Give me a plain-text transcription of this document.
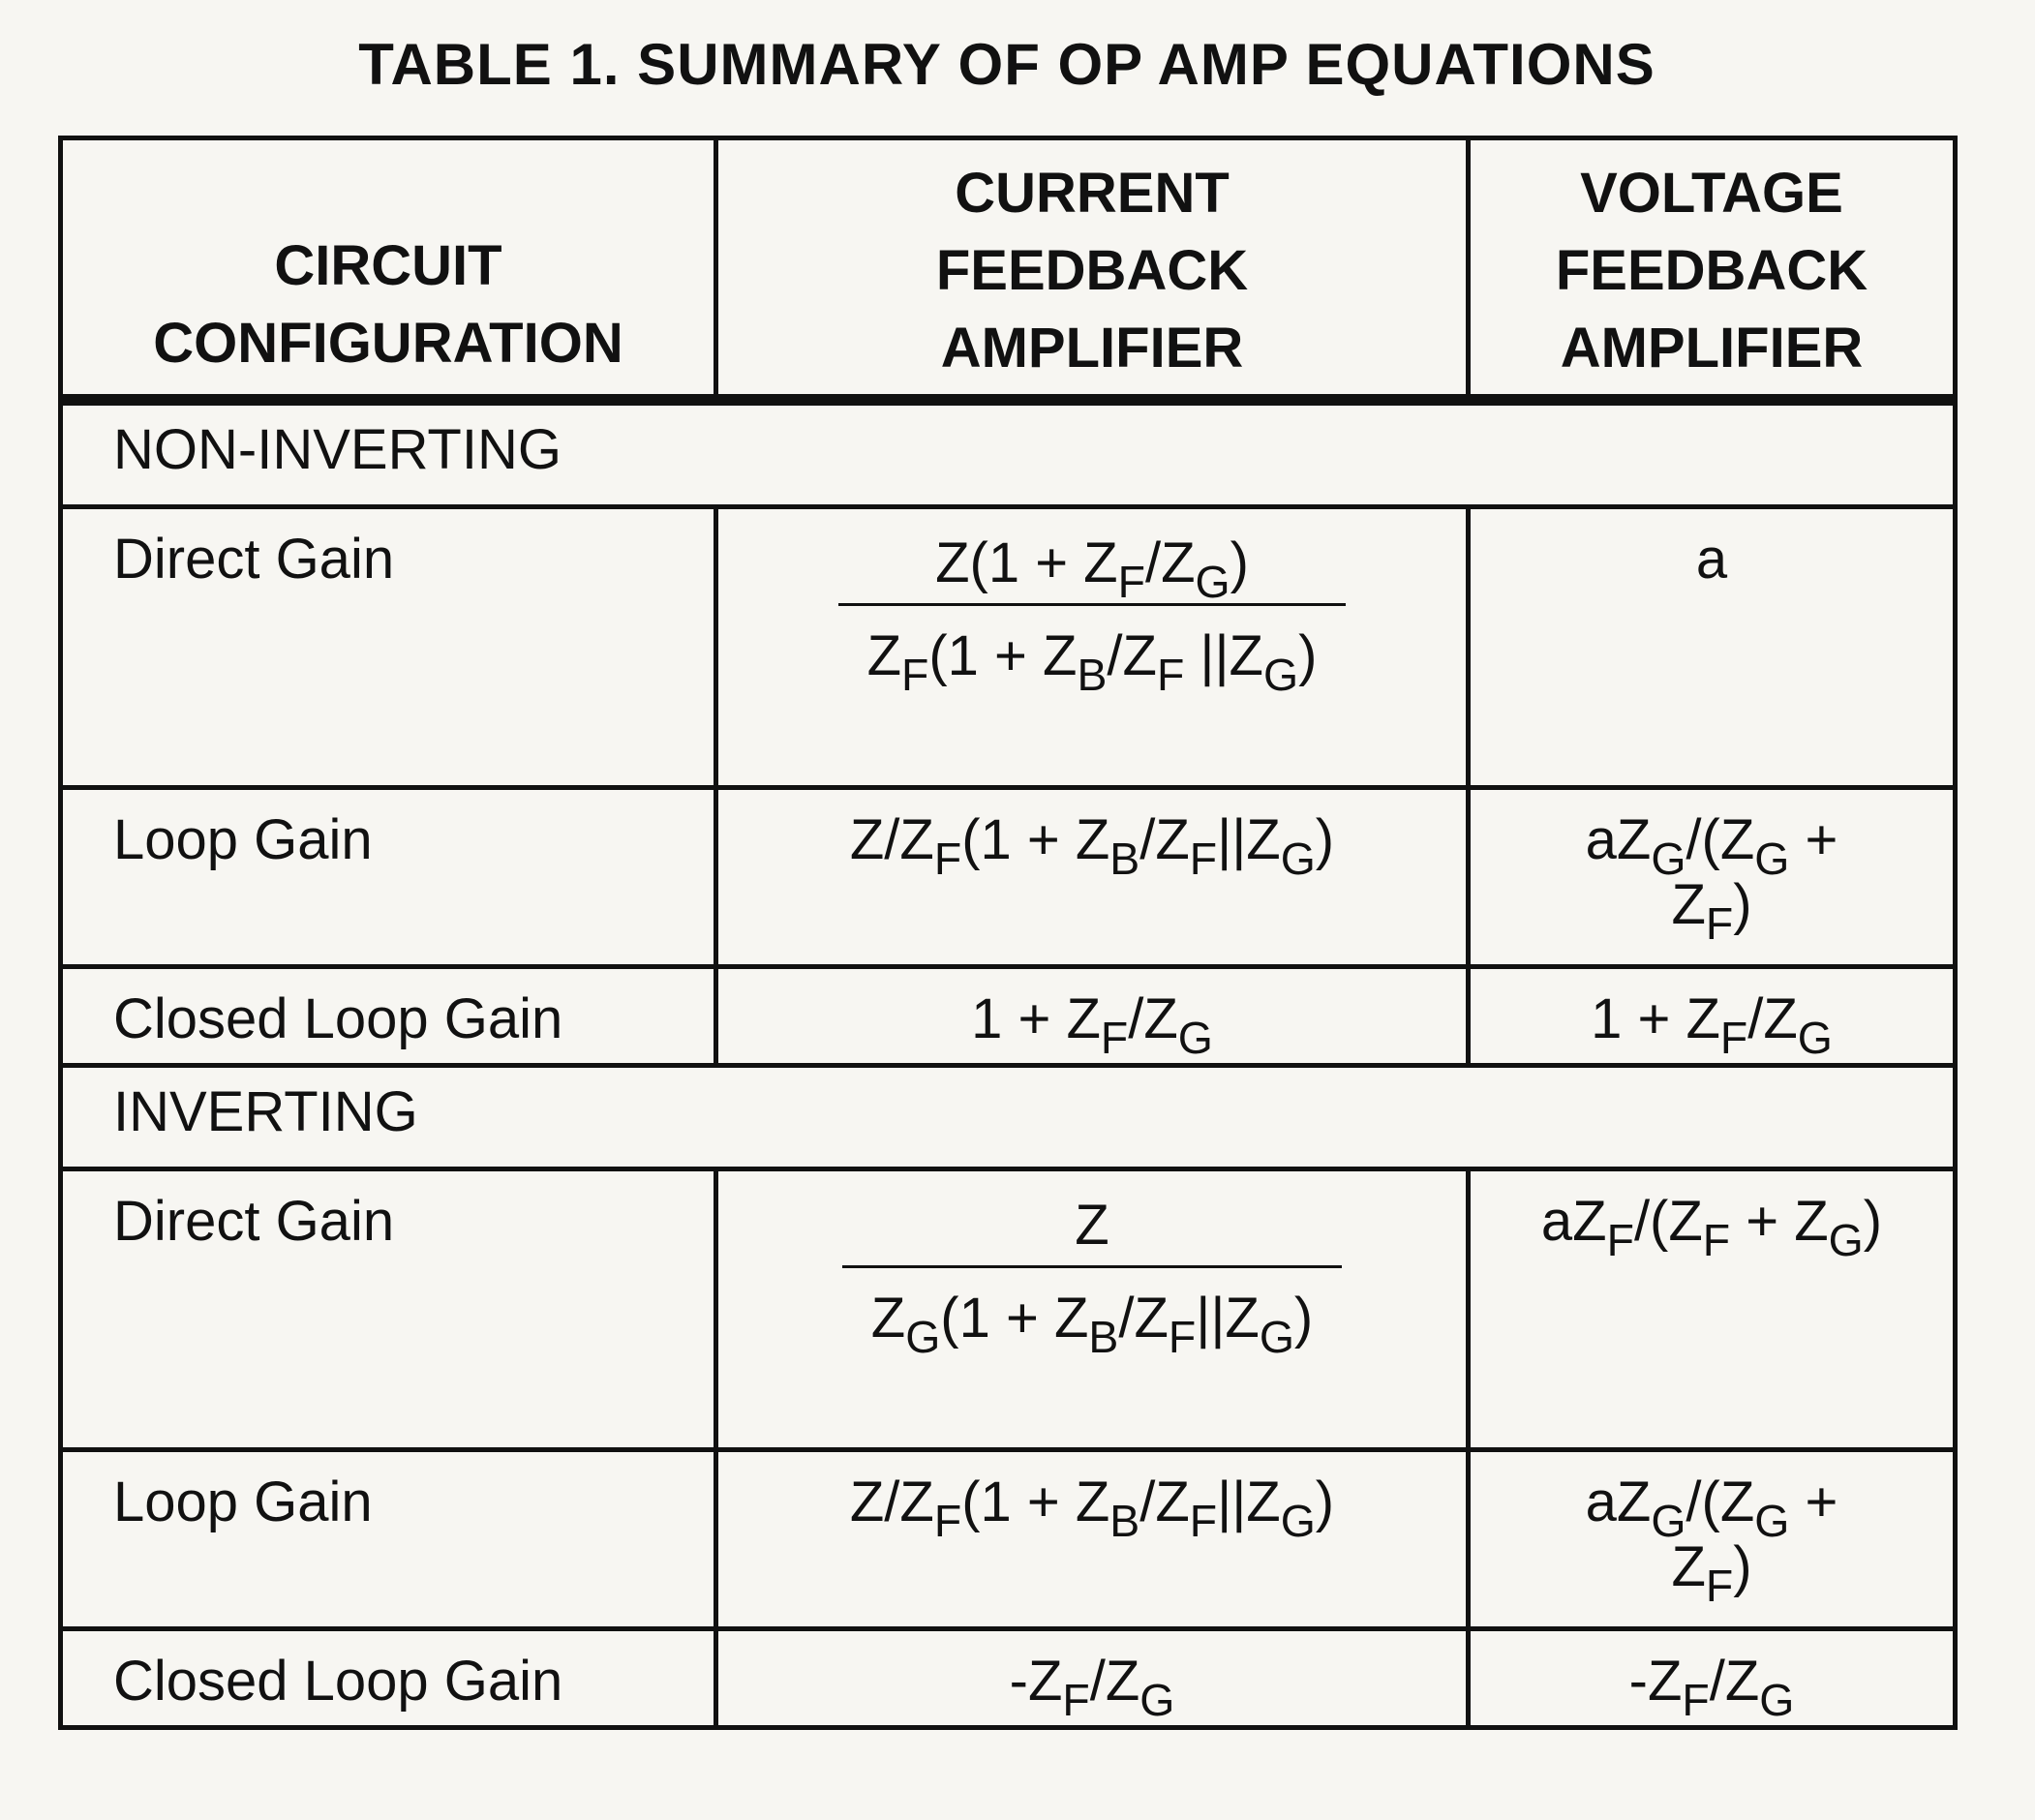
TABLE 1. SUMMARY OF OP AMP EQUATIONS
CIRCUIT
CONFIGURATION	CURRENT
FEEDBACK
AMPLIFIER	VOLTAGE
FEEDBACK
AMPLIFIER

NON-INVERTING		
Direct Gain	$\frac{Z(1 + Z_F/Z_G)}{Z_F(1 + Z_B/Z_F ||Z_G)}$	a
Loop Gain	$Z/Z_F(1 + Z_B/Z_F||Z_G)$	$aZ_G/(Z_G$ +
$Z_F$)
Closed Loop Gain	$1 + Z_F/Z_G$	$1 + Z_F/Z_G$
INVERTING		
Direct Gain	$\frac{Z}{Z_G(1 + Z_B/Z_F||Z_G)}$	$aZ_F/(Z_F + Z_G)$
Loop Gain	$Z/Z_F(1 + Z_B/Z_F||Z_G)$	$aZ_G/(Z_G$ +
$Z_F$)
Closed Loop Gain	$-Z_F/Z_G$	$-Z_F/Z_G$
